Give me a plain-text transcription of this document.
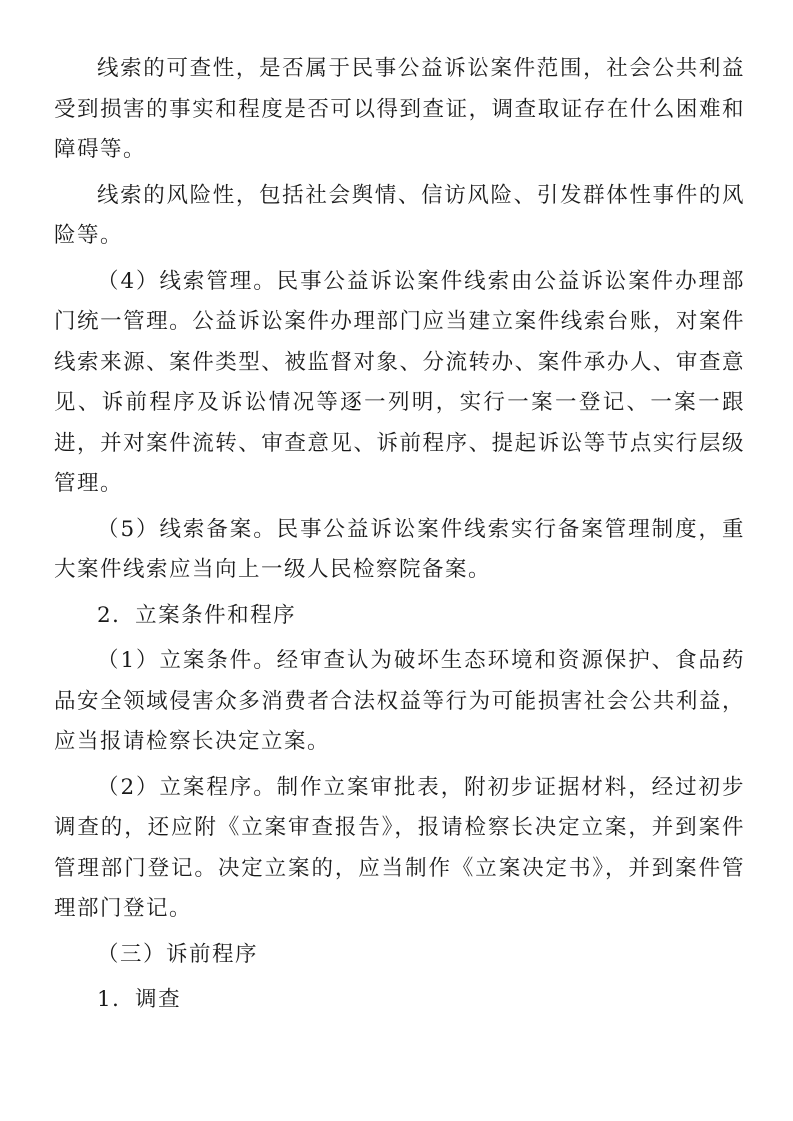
线索的可查性，是否属于民事公益诉讼案件范围，社会公共利益受到损害的事实和程度是否可以得到查证，调查取证存在什么困难和障碍等。

线索的风险性，包括社会舆情、信访风险、引发群体性事件的风险等。

（4）线索管理。民事公益诉讼案件线索由公益诉讼案件办理部门统一管理。公益诉讼案件办理部门应当建立案件线索台账，对案件线索来源、案件类型、被监督对象、分流转办、案件承办人、审查意见、诉前程序及诉讼情况等逐一列明，实行一案一登记、一案一跟进，并对案件流转、审查意见、诉前程序、提起诉讼等节点实行层级管理。

（5）线索备案。民事公益诉讼案件线索实行备案管理制度，重大案件线索应当向上一级人民检察院备案。

2．立案条件和程序

（1）立案条件。经审查认为破坏生态环境和资源保护、食品药品安全领域侵害众多消费者合法权益等行为可能损害社会公共利益，应当报请检察长决定立案。

（2）立案程序。制作立案审批表，附初步证据材料，经过初步调查的，还应附《立案审查报告》，报请检察长决定立案，并到案件管理部门登记。决定立案的，应当制作《立案决定书》，并到案件管理部门登记。

（三）诉前程序

1．调查
